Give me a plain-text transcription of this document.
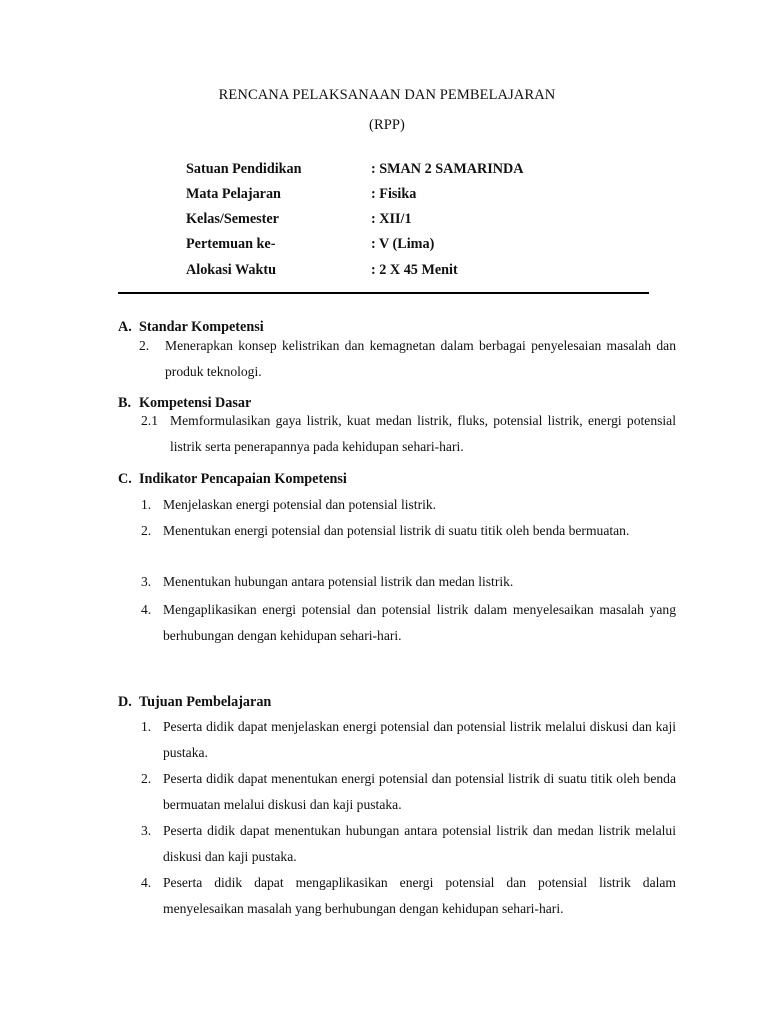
RENCANA PELAKSANAAN DAN PEMBELAJARAN
(RPP)
Satuan Pendidikan	: SMAN 2 SAMARINDA
Mata Pelajaran	: Fisika
Kelas/Semester	: XII/1
Pertemuan ke-	: V (Lima)
Alokasi Waktu	: 2 X 45 Menit
A. Standar Kompetensi
2. Menerapkan konsep kelistrikan dan kemagnetan dalam berbagai penyelesaian masalah dan produk teknologi.
B. Kompetensi Dasar
2.1 Memformulasikan gaya listrik, kuat medan listrik, fluks, potensial listrik, energi potensial listrik serta penerapannya pada kehidupan sehari-hari.
C. Indikator Pencapaian Kompetensi
1. Menjelaskan energi potensial dan potensial listrik.
2. Menentukan energi potensial dan potensial listrik di suatu titik oleh benda bermuatan.
3. Menentukan hubungan antara potensial listrik dan medan listrik.
4. Mengaplikasikan energi potensial dan potensial listrik dalam menyelesaikan masalah yang berhubungan dengan kehidupan sehari-hari.
D. Tujuan Pembelajaran
1. Peserta didik dapat menjelaskan energi potensial dan potensial listrik melalui diskusi dan kaji pustaka.
2. Peserta didik dapat menentukan energi potensial dan potensial listrik di suatu titik oleh benda bermuatan melalui diskusi dan kaji pustaka.
3. Peserta didik dapat menentukan hubungan antara potensial listrik dan medan listrik melalui diskusi dan kaji pustaka.
4. Peserta didik dapat mengaplikasikan energi potensial dan potensial listrik dalam menyelesaikan masalah yang berhubungan dengan kehidupan sehari-hari.
